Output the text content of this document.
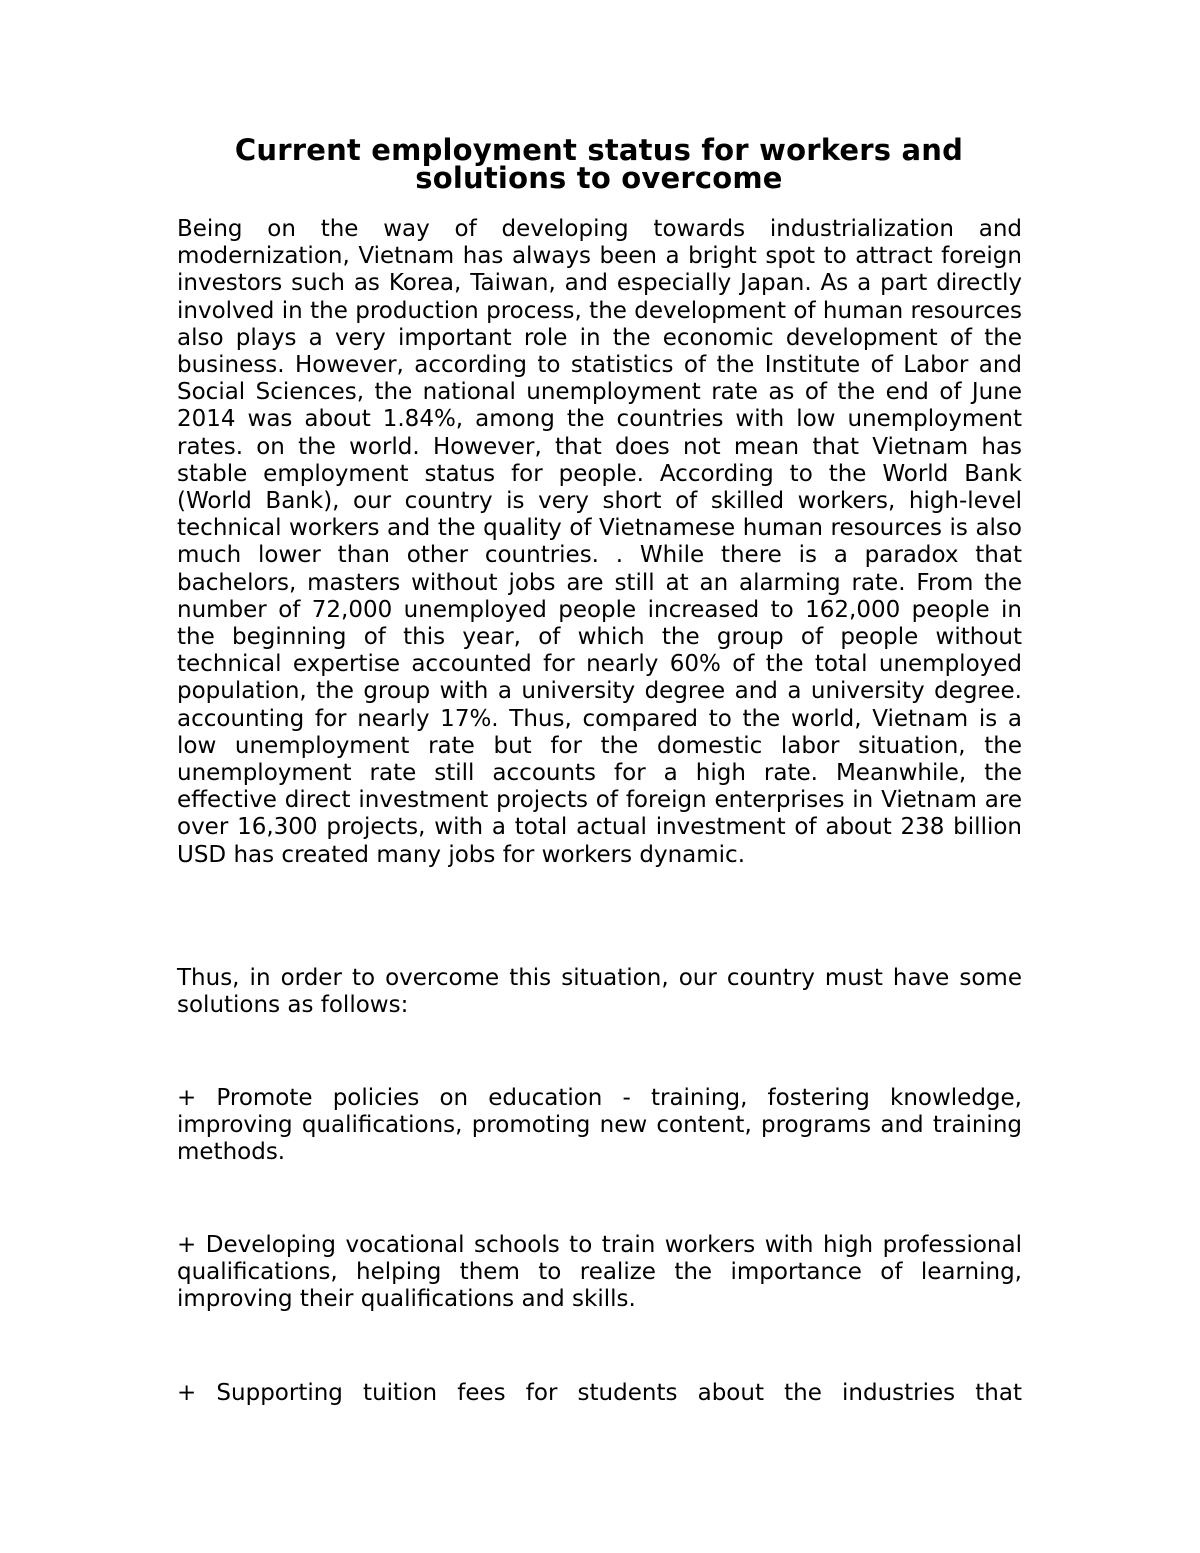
Current employment status for workers and solutions to overcome

Being on the way of developing towards industrialization and modernization, Vietnam has always been a bright spot to attract foreign investors such as Korea, Taiwan, and especially Japan. As a part directly involved in the production process, the development of human resources also plays a very important role in the economic development of the business. However, according to statistics of the Institute of Labor and Social Sciences, the national unemployment rate as of the end of June 2014 was about 1.84%, among the countries with low unemployment rates. on the world. However, that does not mean that Vietnam has stable employment status for people. According to the World Bank (World Bank), our country is very short of skilled workers, high-level technical workers and the quality of Vietnamese human resources is also much lower than other countries. . While there is a paradox that bachelors, masters without jobs are still at an alarming rate. From the number of 72,000 unemployed people increased to 162,000 people in the beginning of this year, of which the group of people without technical expertise accounted for nearly 60% of the total unemployed population, the group with a university degree and a university degree. accounting for nearly 17%. Thus, compared to the world, Vietnam is a low unemployment rate but for the domestic labor situation, the unemployment rate still accounts for a high rate. Meanwhile, the effective direct investment projects of foreign enterprises in Vietnam are over 16,300 projects, with a total actual investment of about 238 billion USD has created many jobs for workers dynamic.

Thus, in order to overcome this situation, our country must have some solutions as follows:

+ Promote policies on education - training, fostering knowledge, improving qualifications, promoting new content, programs and training methods.

+ Developing vocational schools to train workers with high professional qualifications, helping them to realize the importance of learning, improving their qualifications and skills.

+ Supporting tuition fees for students about the industries that
